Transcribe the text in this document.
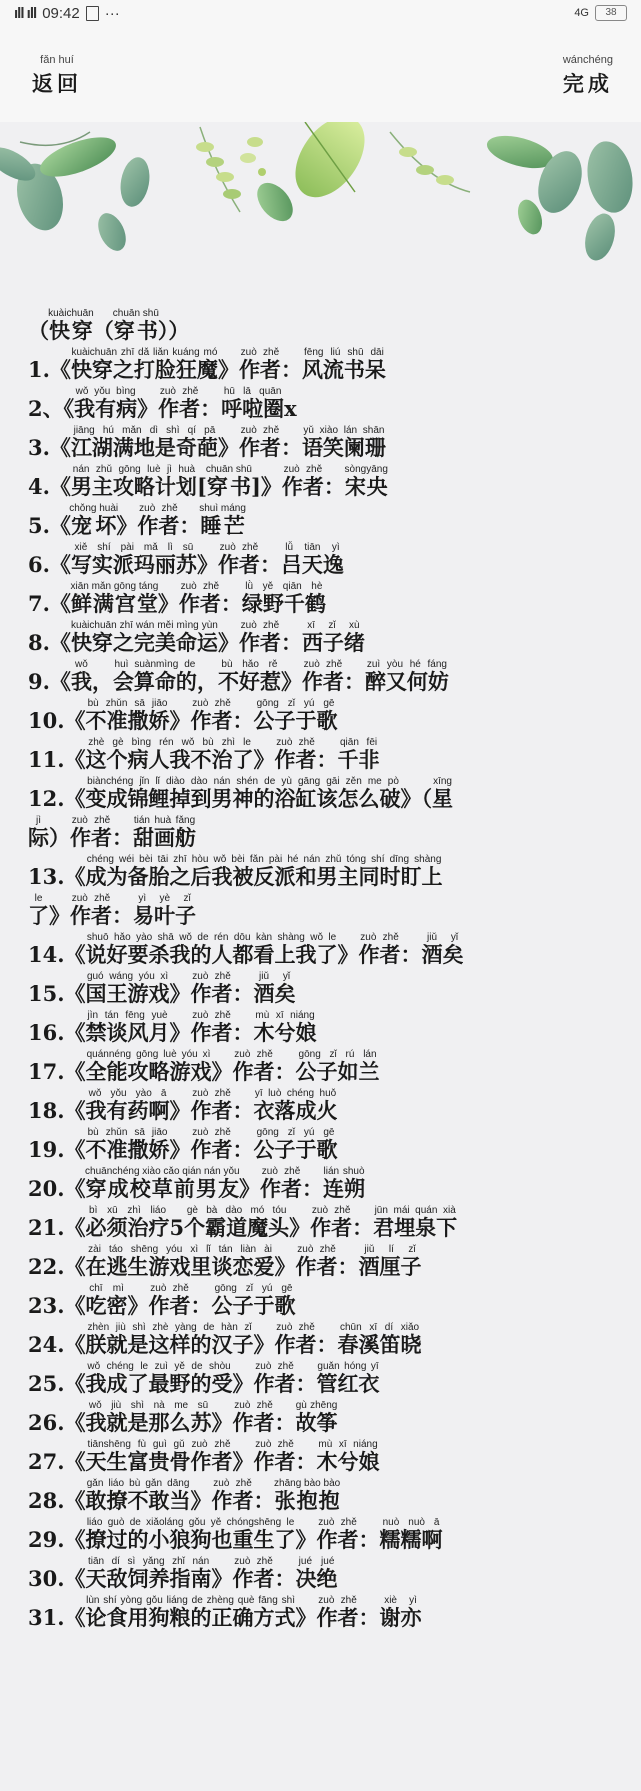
ıll ıll 09:42 ···	4G	38
fǎn huí
返回
wánchéng
完成
（快穿kuàichuān（穿书chuān shū））
1.《快穿之打脸狂魔kuàichuān zhī dǎ liǎn kuáng mó》作者zuò zhě：风流书呆fēng liú shū dāi
2、《我有病wǒ yǒu bìng》作者zuò zhě：呼啦圈hū lā quānx
3.《江湖满地是奇葩jiāng hú mǎn dì shì qí pā》作者zuò zhě：语笑阑珊yǔ xiào lán shān
4.《男主攻略计划nán zhǔ gōng luè jì huà[穿书chuān shū]》作者zuò zhě：宋央sòngyāng
5.《宠坏chǒng huài》作者zuò zhě：睡芒shuì máng
6.《写实派玛丽苏xiě shí pài mǎ lì sū》作者zuò zhě：吕天逸lǚ tiān yì
7.《鲜满宫堂xiān mǎn gōng táng》作者zuò zhě：绿野千鹤lǜ yě qiān hè
8.《快穿之完美命运kuàichuān zhī wán měi mìng yùn》作者zuò zhě：西子绪xī zǐ xù
9.《我wǒ，会算命的huì suànmìng de，不好惹bù hǎo rě》作者zuò zhě：醉又何妨zuì yòu hé fáng
10.《不准撒娇bù zhǔn sā jiāo》作者zuò zhě：公子于歌gōng zǐ yú gē
11.《这个病人我不治了zhè gè bìng rén wǒ bù zhì le》作者zuò zhě：千非qiān fēi
12.《变成锦鲤掉到男神的浴缸该怎么破biànchéng jǐn lǐ diào dào nán shén de yù gāng gāi zěn me pò》（星xīng
际jì）作者zuò zhě：甜画舫tián huà fǎng
13.《成为备胎之后我被反派和男主同时盯上chéng wéi bèi tāi zhī hòu wǒ bèi fǎn pài hé nán zhǔ tóng shí dīng shàng
了le》作者zuò zhě：易叶子yì yè zǐ
14.《说好要杀我的人都看上我了shuō hǎo yào shā wǒ de rén dōu kàn shàng wǒ le》作者zuò zhě：酒矣jiǔ yǐ
15.《国王游戏guó wáng yóu xì》作者zuò zhě：酒矣jiǔ yǐ
16.《禁谈风月jìn tán fēng yuè》作者zuò zhě：木兮娘mù xī niáng
17.《全能攻略游戏quánnéng gōng luè yóu xì》作者zuò zhě：公子如兰gōng zǐ rú lán
18.《我有药啊wǒ yǒu yào ā》作者zuò zhě：衣落成火yī luò chéng huǒ
19.《不准撒娇bù zhǔn sā jiāo》作者zuò zhě：公子于歌gōng zǐ yú gē
20.《穿成校草前男友chuānchéng xiào cǎo qián nán yǒu》作者zuò zhě：连朔lián shuò
21.《必须治疗bì xū zhì liáo5个霸道魔头gè bà dào mó tóu》作者zuò zhě：君埋泉下jūn mái quán xià
22.《在逃生游戏里谈恋爱zài táo shēng yóu xì lǐ tán liàn ài》作者zuò zhě：酒厘子jiǔ lí zǐ
23.《吃密chī mì》作者zuò zhě：公子于歌gōng zǐ yú gē
24.《朕就是这样的汉子zhèn jiù shì zhè yàng de hàn zǐ》作者zuò zhě：春溪笛晓chūn xī dí xiǎo
25.《我成了最野的受wǒ chéng le zuì yě de shòu》作者zuò zhě：管红衣guǎn hóng yī
26.《我就是那么苏wǒ jiù shì nà me sū》作者zuò zhě：故筝gù zhēng
27.《天生富贵骨作者tiānshēng fù guì gǔ zuò zhě》作者zuò zhě：木兮娘mù xī niáng
28.《敢撩不敢当gǎn liáo bù gǎn dāng》作者zuò zhě：张抱抱zhāng bào bào
29.《撩过的小狼狗也重生了liáo guò de xiǎoláng gǒu yě chóngshēng le》作者zuò zhě：糯糯啊nuò nuò ā
30.《天敌饲养指南tiān dí sì yǎng zhǐ nán》作者zuò zhě：决绝jué jué
31.《论食用狗粮的正确方式lùn shí yòng gǒu liáng de zhèng què fāng shì》作者zuò zhě：谢亦xiè yì
